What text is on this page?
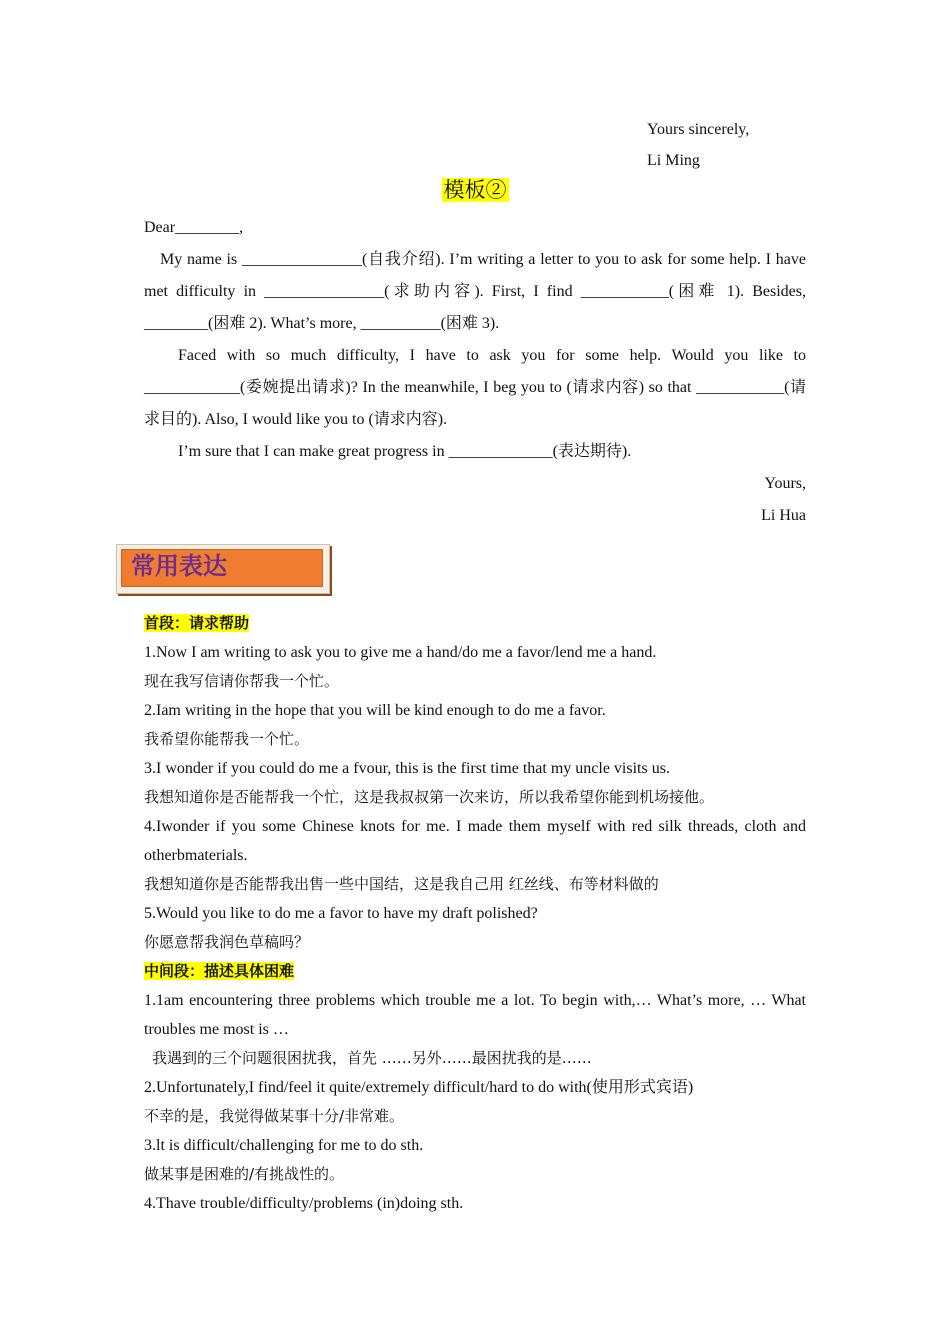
Yours sincerely,
Li Ming
模板②

Dear________,

My name is _______________(自我介绍). I’m writing a letter to you to ask for some help. I have met difficulty in _______________(求助内容). First, I find ___________(困难 1). Besides, ________(困难 2). What’s more, __________(困难 3).

Faced with so much difficulty, I have to ask you for some help. Would you like to ____________(委婉提出请求)? In the meanwhile, I beg you to (请求内容) so that ___________(请求目的). Also, I would like you to (请求内容).

I’m sure that I can make great progress in _____________(表达期待).

Yours,

Li Hua

常用表达

首段：请求帮助

1.Now I am writing to ask you to give me a hand/do me a favor/lend me a hand.

现在我写信请你帮我一个忙。

2.Iam writing in the hope that you will be kind enough to do me a favor.

我希望你能帮我一个忙。

3.I wonder if you could do me a fvour, this is the first time that my uncle visits us.

我想知道你是否能帮我一个忙，这是我叔叔第一次来访，所以我希望你能到机场接他。

4.Iwonder if you some Chinese knots for me. I made them myself with red silk threads, cloth and otherbmaterials.

我想知道你是否能帮我出售一些中国结，这是我自己用 红丝线、布等材料做的

5.Would you like to do me a favor to have my draft polished?

你愿意帮我润色草稿吗？

中间段：描述具体困难

1.1am encountering three problems which trouble me a lot. To begin with,… What’s more, … What troubles me most is …

我遇到的三个问题很困扰我，首先 ……另外……最困扰我的是……

2.Unfortunately,I find/feel it quite/extremely difficult/hard to do with(使用形式宾语)

不幸的是，我觉得做某事十分/非常难。

3.lt is difficult/challenging for me to do sth.

做某事是困难的/有挑战性的。

4.Thave trouble/difficulty/problems (in)doing sth.
